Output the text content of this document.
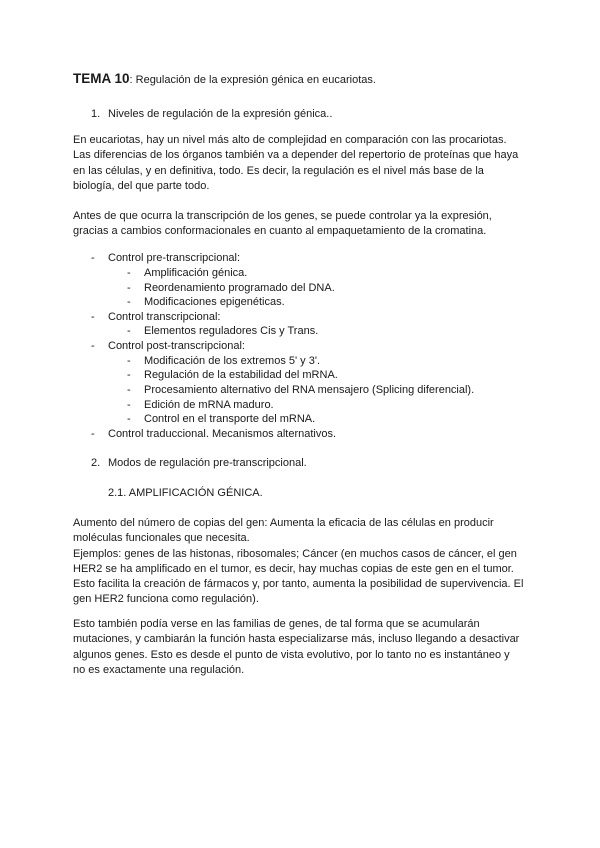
TEMA 10: Regulación de la expresión génica en eucariotas.
1. Niveles de regulación de la expresión génica..
En eucariotas, hay un nivel más alto de complejidad en comparación con las procariotas.
Las diferencias de los órganos también va a depender del repertorio de proteínas que haya
en las células, y en definitiva, todo. Es decir, la regulación es el nivel más base de la
biología, del que parte todo.
Antes de que ocurra la transcripción de los genes, se puede controlar ya la expresión,
gracias a cambios conformacionales en cuanto al empaquetamiento de la cromatina.
- Control pre-transcripcional:
- Amplificación génica.
- Reordenamiento programado del DNA.
- Modificaciones epigenéticas.
- Control transcripcional:
- Elementos reguladores Cis y Trans.
- Control post-transcripcional:
- Modificación de los extremos 5' y 3'.
- Regulación de la estabilidad del mRNA.
- Procesamiento alternativo del RNA mensajero (Splicing diferencial).
- Edición de mRNA maduro.
- Control en el transporte del mRNA.
- Control traduccional. Mecanismos alternativos.
2. Modos de regulación pre-transcripcional.
2.1. AMPLIFICACIÓN GÉNICA.
Aumento del número de copias del gen: Aumenta la eficacia de las células en producir
moléculas funcionales que necesita.
Ejemplos: genes de las histonas, ribosomales; Cáncer (en muchos casos de cáncer, el gen
HER2 se ha amplificado en el tumor, es decir, hay muchas copias de este gen en el tumor.
Esto facilita la creación de fármacos y, por tanto, aumenta la posibilidad de supervivencia. El
gen HER2 funciona como regulación).
Esto también podía verse en las familias de genes, de tal forma que se acumularán
mutaciones, y cambiarán la función hasta especializarse más, incluso llegando a desactivar
algunos genes. Esto es desde el punto de vista evolutivo, por lo tanto no es instantáneo y
no es exactamente una regulación.
